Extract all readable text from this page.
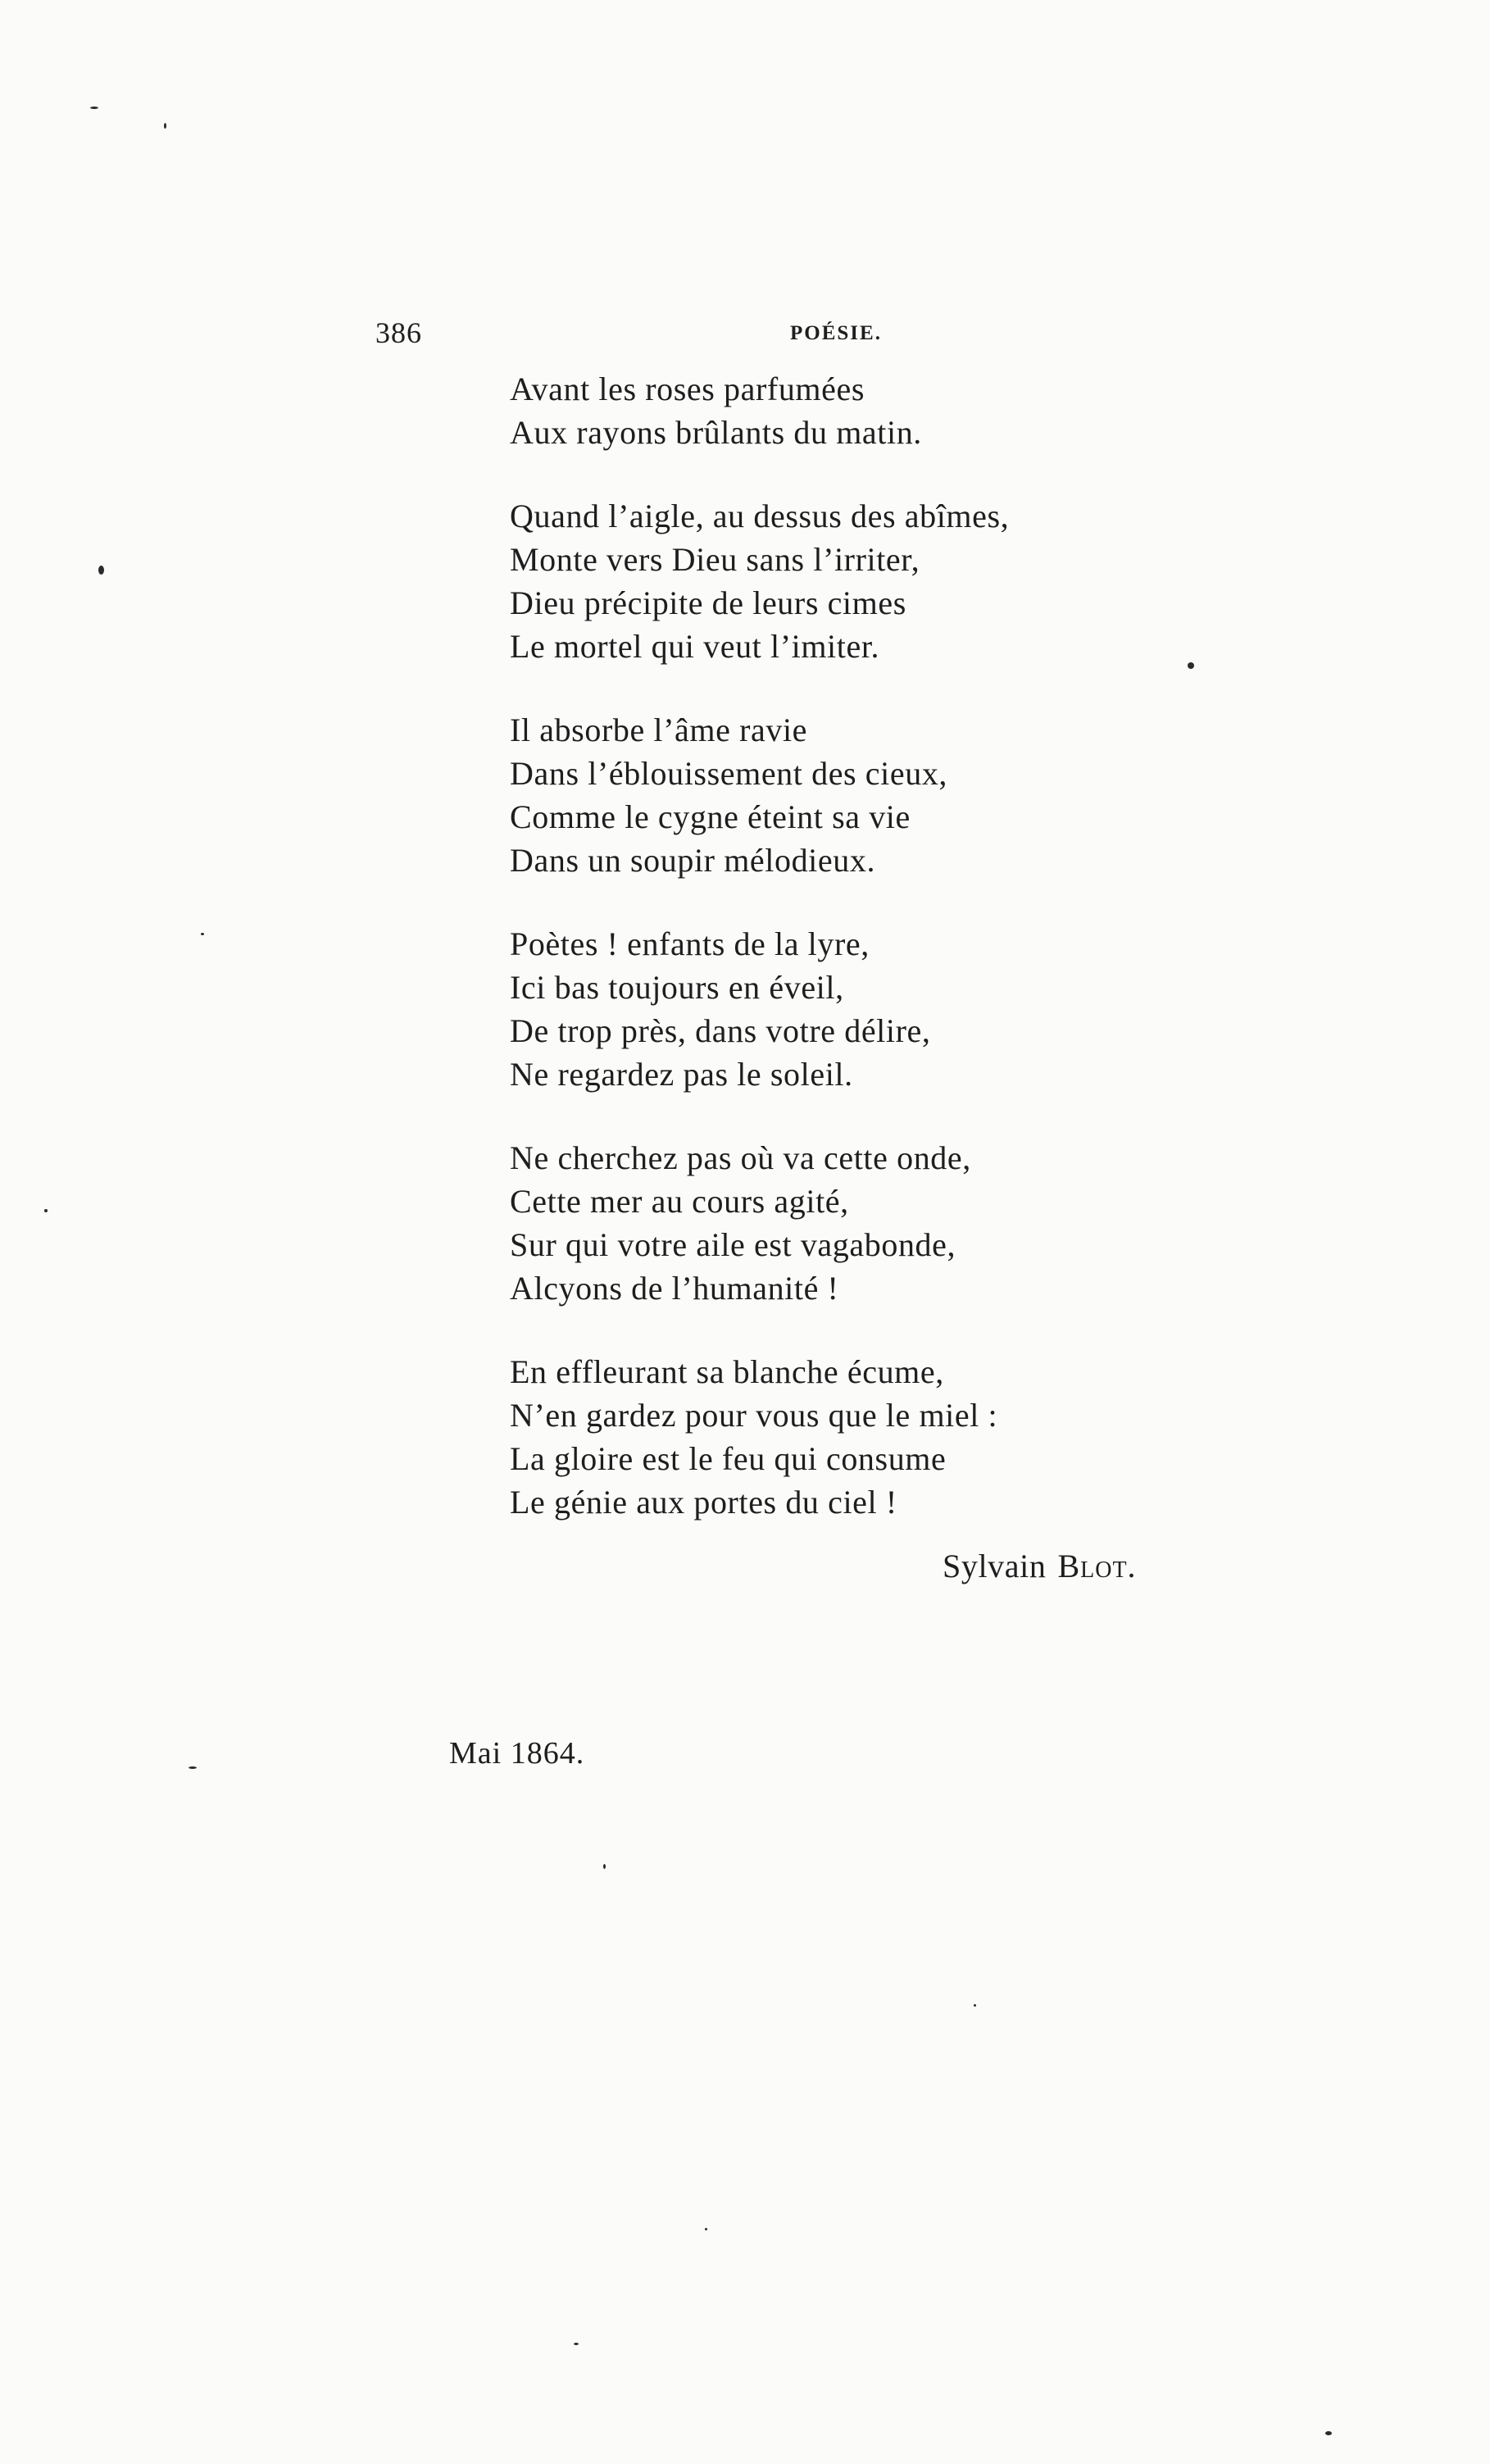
386	POÉSIE.
Avant les roses parfumées
Aux rayons brûlants du matin.
Quand l’aigle, au dessus des abîmes,
Monte vers Dieu sans l’irriter,
Dieu précipite de leurs cimes
Le mortel qui veut l’imiter.
Il absorbe l’âme ravie
Dans l’éblouissement des cieux,
Comme le cygne éteint sa vie
Dans un soupir mélodieux.
Poètes ! enfants de la lyre,
Ici bas toujours en éveil,
De trop près, dans votre délire,
Ne regardez pas le soleil.
Ne cherchez pas où va cette onde,
Cette mer au cours agité,
Sur qui votre aile est vagabonde,
Alcyons de l’humanité !
En effleurant sa blanche écume,
N’en gardez pour vous que le miel :
La gloire est le feu qui consume
Le génie aux portes du ciel !
Sylvain Blot.
Mai 1864.
